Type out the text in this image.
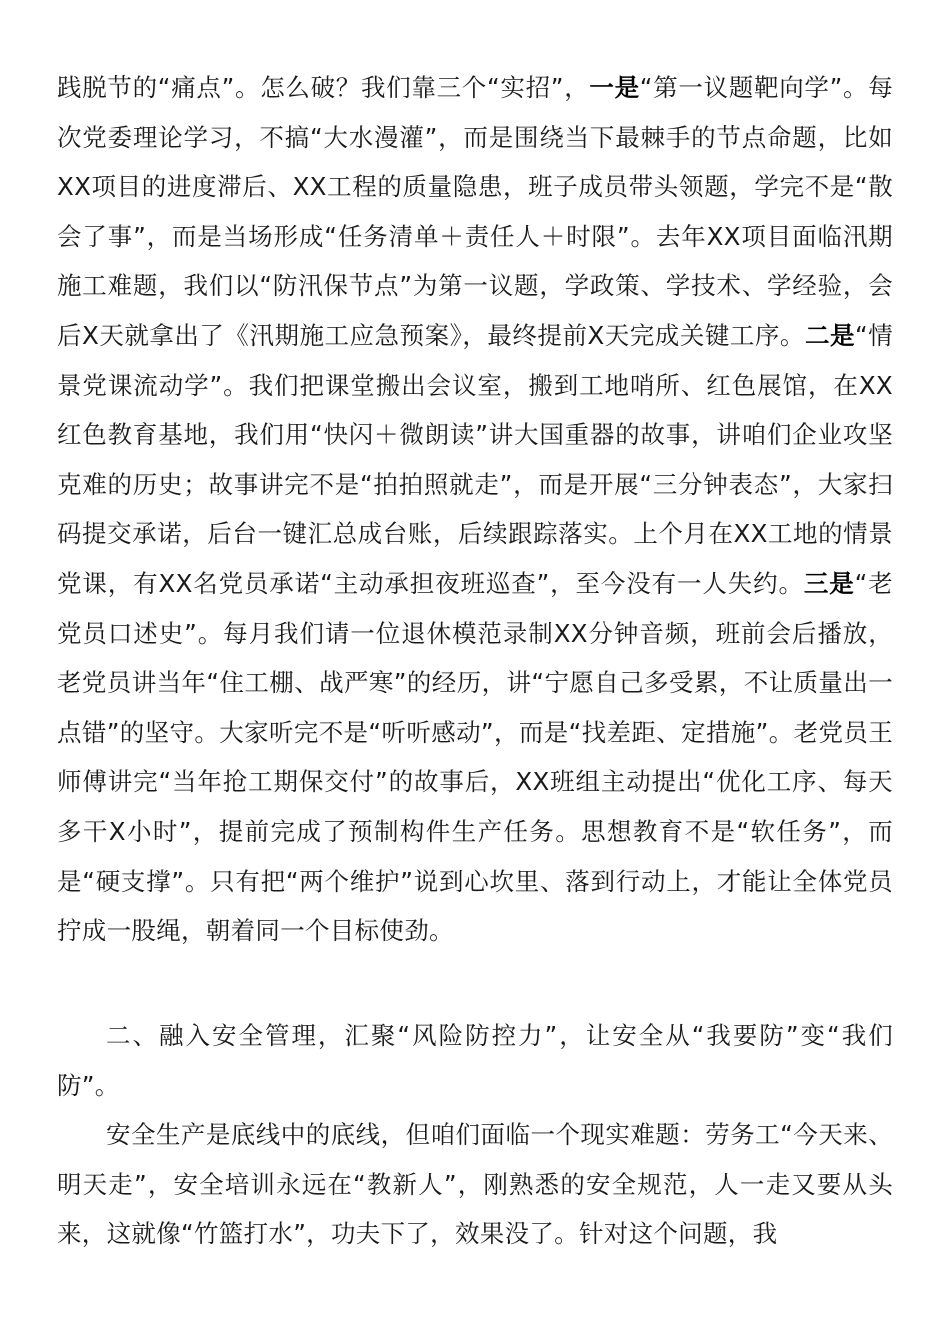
践脱节的“痛点”。怎么破？我们靠三个“实招”，一是“第一议题靶向学”。每次党委理论学习，不搞“大水漫灌”，而是围绕当下最棘手的节点命题，比如XX项目的进度滞后、XX工程的质量隐患，班子成员带头领题，学完不是“散会了事”，而是当场形成“任务清单＋责任人＋时限”。去年XX项目面临汛期施工难题，我们以“防汛保节点”为第一议题，学政策、学技术、学经验，会后X天就拿出了《汛期施工应急预案》，最终提前X天完成关键工序。二是“情景党课流动学”。我们把课堂搬出会议室，搬到工地哨所、红色展馆，在XX红色教育基地，我们用“快闪＋微朗读”讲大国重器的故事，讲咱们企业攻坚克难的历史；故事讲完不是“拍拍照就走”，而是开展“三分钟表态”，大家扫码提交承诺，后台一键汇总成台账，后续跟踪落实。上个月在XX工地的情景党课，有XX名党员承诺“主动承担夜班巡查”，至今没有一人失约。三是“老党员口述史”。每月我们请一位退休模范录制XX分钟音频，班前会后播放，老党员讲当年“住工棚、战严寒”的经历，讲“宁愿自己多受累，不让质量出一点错”的坚守。大家听完不是“听听感动”，而是“找差距、定措施”。老党员王师傅讲完“当年抢工期保交付”的故事后，XX班组主动提出“优化工序、每天多干X小时”，提前完成了预制构件生产任务。思想教育不是“软任务”，而是“硬支撑”。只有把“两个维护”说到心坎里、落到行动上，才能让全体党员拧成一股绳，朝着同一个目标使劲。

二、融入安全管理，汇聚“风险防控力”，让安全从“我要防”变“我们防”。

安全生产是底线中的底线，但咱们面临一个现实难题：劳务工“今天来、明天走”，安全培训永远在“教新人”，刚熟悉的安全规范，人一走又要从头来，这就像“竹篮打水”，功夫下了，效果没了。针对这个问题，我
